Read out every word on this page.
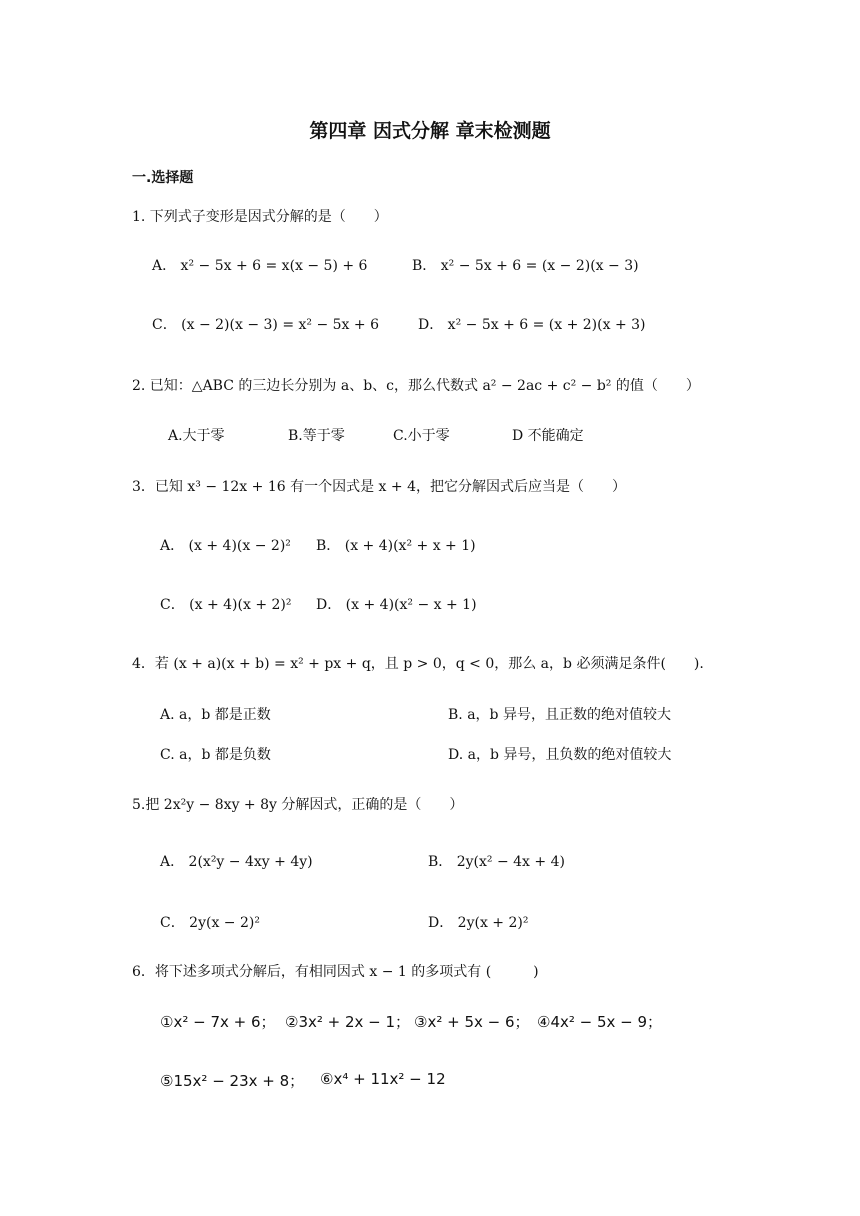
第四章 因式分解 章末检测题
一.选择题
1. 下列式子变形是因式分解的是（　　）
A． x² − 5x + 6 = x(x − 5) + 6	B． x² − 5x + 6 = (x − 2)(x − 3)
C． (x − 2)(x − 3) = x² − 5x + 6	D． x² − 5x + 6 = (x + 2)(x + 3)
2. 已知：△ABC 的三边长分别为 a、b、c，那么代数式 a² − 2ac + c² − b² 的值（　　）
A.大于零	B.等于零	C.小于零	D 不能确定
3．已知 x³ − 12x + 16 有一个因式是 x + 4，把它分解因式后应当是（　　）
A． (x + 4)(x − 2)² B． (x + 4)(x² + x + 1)
C． (x + 4)(x + 2)² D． (x + 4)(x² − x + 1)
4．若 (x + a)(x + b) = x² + px + q，且 p > 0，q < 0，那么 a，b 必须满足条件(　　).
A. a，b 都是正数	B. a，b 异号，且正数的绝对值较大
C. a，b 都是负数	D. a，b 异号，且负数的绝对值较大
5.把 2x²y − 8xy + 8y 分解因式，正确的是（　　）
A． 2(x²y − 4xy + 4y)	B． 2y(x² − 4x + 4)
C． 2y(x − 2)²	D． 2y(x + 2)²
6．将下述多项式分解后，有相同因式 x − 1 的多项式有 (　　　)
①x² − 7x + 6； ②3x² + 2x − 1； ③x² + 5x − 6； ④4x² − 5x − 9；
⑤15x² − 23x + 8； ⑥x⁴ + 11x² − 12
